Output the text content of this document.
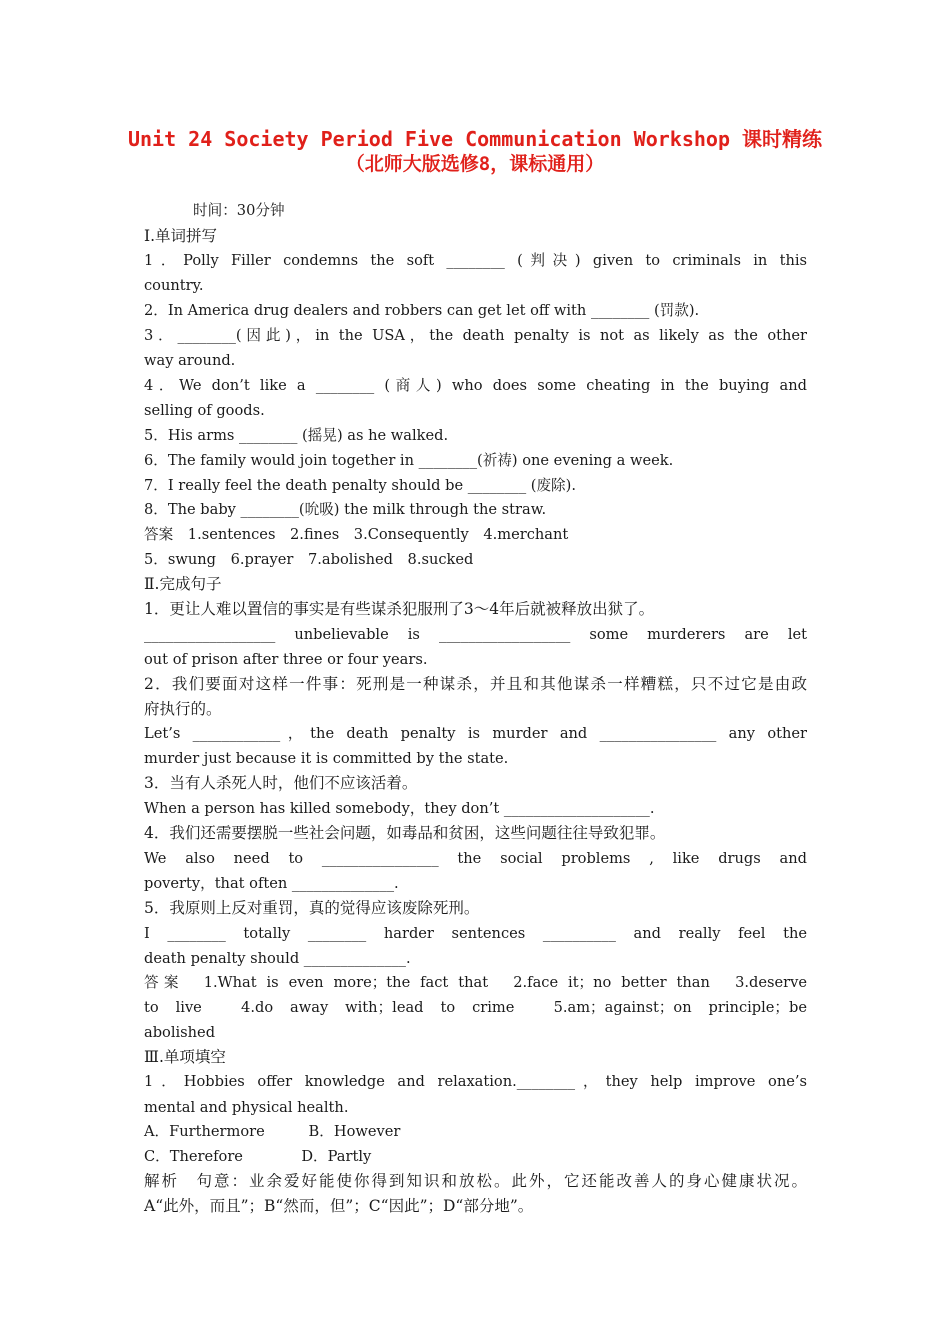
Unit 24 Society Period Five Communication Workshop 课时精练
（北师大版选修8，课标通用）
时间：30分钟
I.单词拼写
1．Polly Filler condemns the soft ________ (判决) given to criminals in this
country.
2．In America drug dealers and robbers can get let off with ________ (罚款).
3．________(因此)，in the USA，the death penalty is not as likely as the other
way around.
4．We don’t like a ________ (商人) who does some cheating in the buying and
selling of goods.
5．His arms ________ (摇晃) as he walked.
6．The family would join together in ________(祈祷) one evening a week.
7．I really feel the death penalty should be ________ (废除).
8．The baby ________(吮吸) the milk through the straw.
答案　1.sentences　2.fines　3.Consequently　4.merchant
5．swung　6.prayer　7.abolished　8.sucked
Ⅱ.完成句子
1．更让人难以置信的事实是有些谋杀犯服刑了3～4年后就被释放出狱了。
__________________ unbelievable is __________________ some murderers are let
out of prison after three or four years.
2．我们要面对这样一件事：死刑是一种谋杀，并且和其他谋杀一样糟糕，只不过它是由政
府执行的。
Let’s ____________，the death penalty is murder and ________________ any other
murder just because it is committed by the state.
3．当有人杀死人时，他们不应该活着。
When a person has killed somebody，they don’t ____________________.
4．我们还需要摆脱一些社会问题，如毒品和贫困，这些问题往往导致犯罪。
We also need to ________________ the social problems , like drugs and
poverty，that often ______________.
5．我原则上反对重罚，真的觉得应该废除死刑。
I ________ totally ________ harder sentences __________ and really feel the
death penalty should ______________.
答案　1.What is even more；the fact that　2.face it；no better than　3.deserve
to live　4.do away with；lead to crime　5.am；against；on principle；be
abolished
Ⅲ.单项填空
1．Hobbies offer knowledge and relaxation.________，they help improve one’s
mental and physical health.
A．Furthermore　　　B．However
C．Therefore　　　　D．Partly
解析　句意：业余爱好能使你得到知识和放松。此外，它还能改善人的身心健康状况。
A“此外，而且”；B“然而，但”；C“因此”；D“部分地”。
